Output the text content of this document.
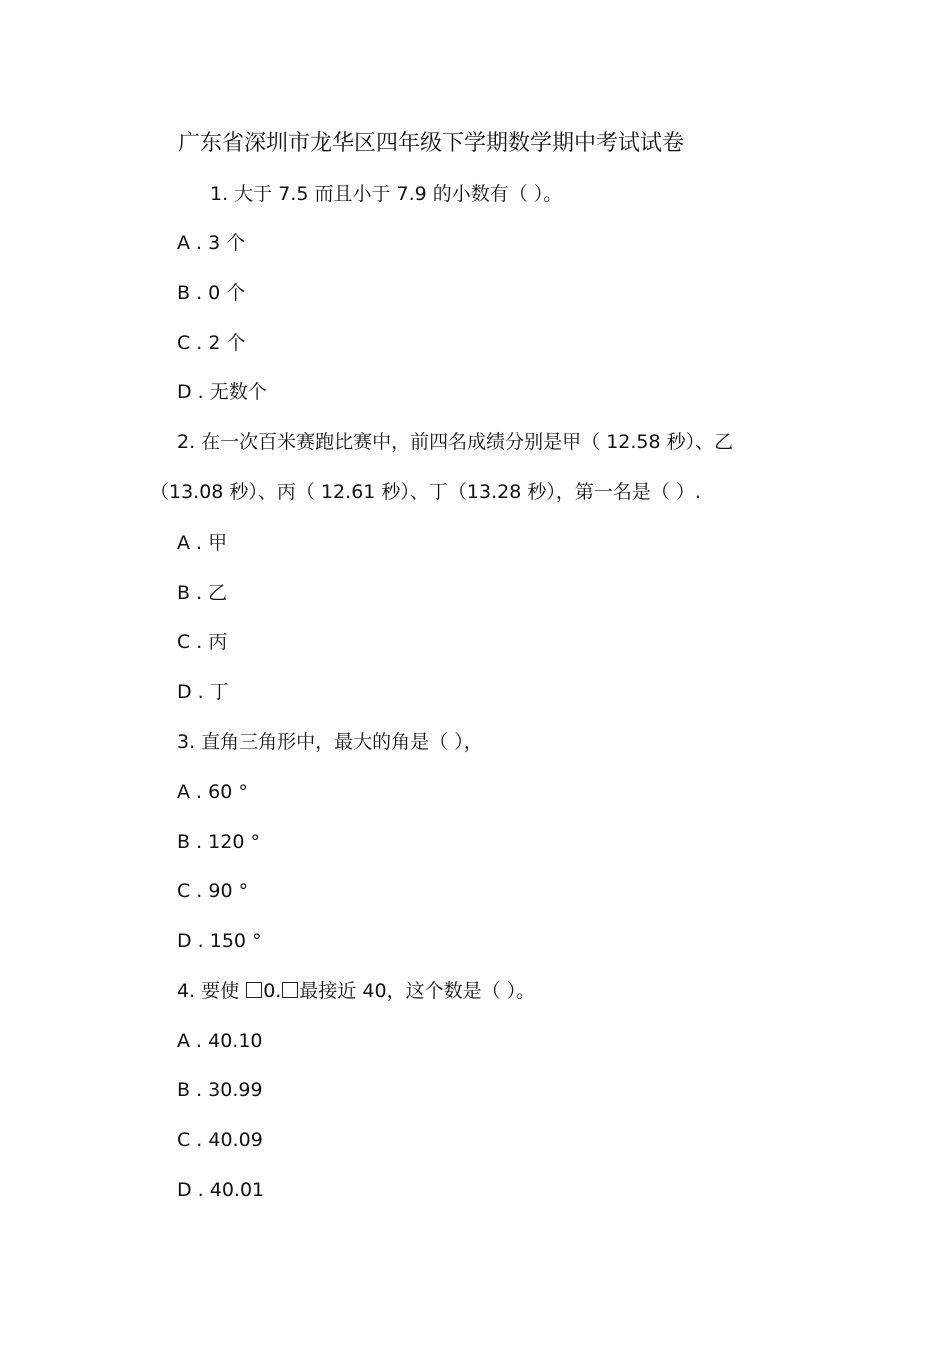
广东省深圳市龙华区四年级下学期数学期中考试试卷
1. 大于 7.5 而且小于 7.9 的小数有（ ）。
A . 3 个
B . 0 个
C . 2 个
D . 无数个
2. 在一次百米赛跑比赛中，前四名成绩分别是甲（ 12.58 秒）、乙
（13.08 秒）、丙（ 12.61 秒）、丁（13.28 秒），第一名是（ ）.
A . 甲
B . 乙
C . 丙
D . 丁
3. 直角三角形中，最大的角是（ ），
A . 60 °
B . 120 °
C . 90 °
D . 150 °
4. 要使 0. 最接近 40，这个数是（ ）。
A . 40.10
B . 30.99
C . 40.09
D . 40.01
